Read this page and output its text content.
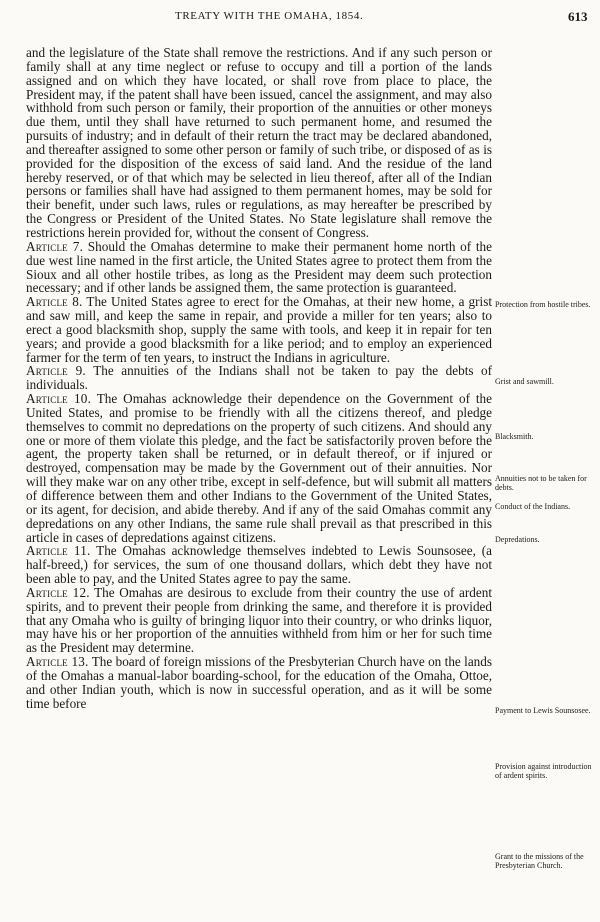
TREATY WITH THE OMAHA, 1854.	613

and the legislature of the State shall remove the restrictions. And if any such person or family shall at any time neglect or refuse to occupy and till a portion of the lands assigned and on which they have located, or shall rove from place to place, the President may, if the patent shall have been issued, cancel the assignment, and may also withhold from such person or family, their proportion of the annuities or other moneys due them, until they shall have returned to such permanent home, and resumed the pursuits of industry; and in default of their return the tract may be declared abandoned, and thereafter assigned to some other person or family of such tribe, or disposed of as is provided for the disposition of the excess of said land. And the residue of the land hereby reserved, or of that which may be selected in lieu thereof, after all of the Indian persons or families shall have had assigned to them permanent homes, may be sold for their benefit, under such laws, rules or regulations, as may hereafter be prescribed by the Congress or President of the United States. No State legislature shall remove the restrictions herein provided for, without the consent of Congress.

Article 7. Should the Omahas determine to make their permanent home north of the due west line named in the first article, the United States agree to protect them from the Sioux and all other hostile tribes, as long as the President may deem such protection necessary; and if other lands be assigned them, the same protection is guaranteed.

Article 8. The United States agree to erect for the Omahas, at their new home, a grist and saw mill, and keep the same in repair, and provide a miller for ten years; also to erect a good blacksmith shop, supply the same with tools, and keep it in repair for ten years; and provide a good blacksmith for a like period; and to employ an experienced farmer for the term of ten years, to instruct the Indians in agriculture.

Article 9. The annuities of the Indians shall not be taken to pay the debts of individuals.

Article 10. The Omahas acknowledge their dependence on the Government of the United States, and promise to be friendly with all the citizens thereof, and pledge themselves to commit no depredations on the property of such citizens. And should any one or more of them violate this pledge, and the fact be satisfactorily proven before the agent, the property taken shall be returned, or in default thereof, or if injured or destroyed, compensation may be made by the Government out of their annuities. Nor will they make war on any other tribe, except in self-defence, but will submit all matters of difference between them and other Indians to the Government of the United States, or its agent, for decision, and abide thereby. And if any of the said Omahas commit any depredations on any other Indians, the same rule shall prevail as that prescribed in this article in cases of depredations against citizens.

Article 11. The Omahas acknowledge themselves indebted to Lewis Sounsosee, (a half-breed,) for services, the sum of one thousand dollars, which debt they have not been able to pay, and the United States agree to pay the same.

Article 12. The Omahas are desirous to exclude from their country the use of ardent spirits, and to prevent their people from drinking the same, and therefore it is provided that any Omaha who is guilty of bringing liquor into their country, or who drinks liquor, may have his or her proportion of the annuities withheld from him or her for such time as the President may determine.

Article 13. The board of foreign missions of the Presbyterian Church have on the lands of the Omahas a manual-labor boarding-school, for the education of the Omaha, Ottoe, and other Indian youth, which is now in successful operation, and as it will be some time before

Protection from hostile tribes.
Grist and sawmill.
Blacksmith.
Annuities not to be taken for debts.
Conduct of the Indians.
Depredations.
Payment to Lewis Sounsosee.
Provision against introduction of ardent spirits.
Grant to the missions of the Presbyterian Church.
